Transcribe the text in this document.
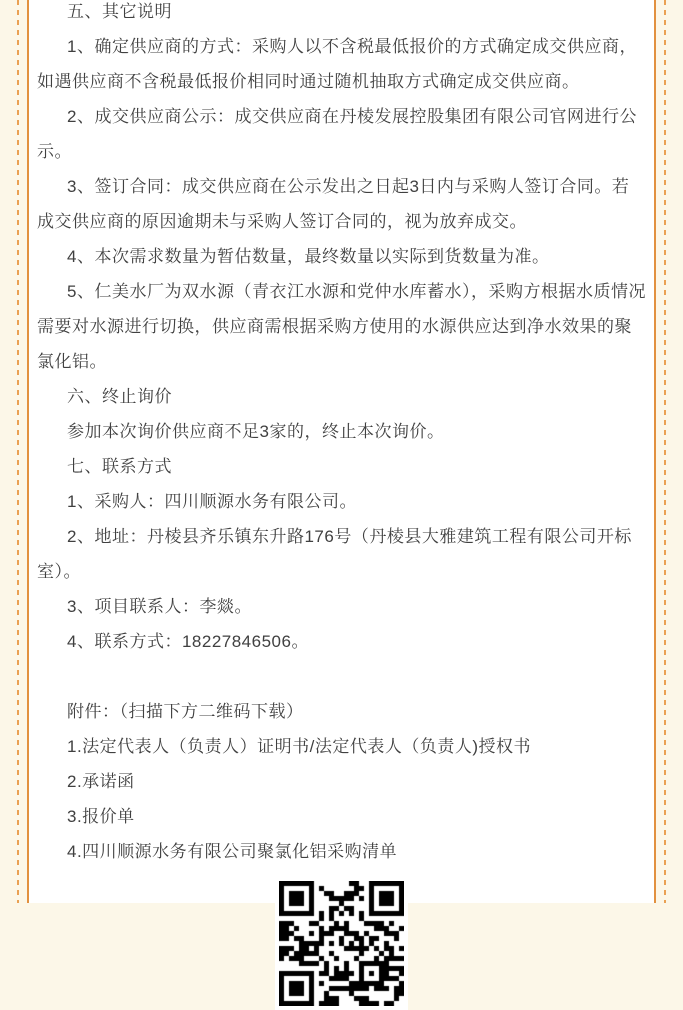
五、其它说明

1、确定供应商的方式：采购人以不含税最低报价的方式确定成交供应商，如遇供应商不含税最低报价相同时通过随机抽取方式确定成交供应商。

2、成交供应商公示：成交供应商在丹棱发展控股集团有限公司官网进行公示。

3、签订合同：成交供应商在公示发出之日起3日内与采购人签订合同。若成交供应商的原因逾期未与采购人签订合同的，视为放弃成交。

4、本次需求数量为暂估数量，最终数量以实际到货数量为准。

5、仁美水厂为双水源（青衣江水源和党仲水库蓄水），采购方根据水质情况需要对水源进行切换，供应商需根据采购方使用的水源供应达到净水效果的聚氯化铝。

六、终止询价

参加本次询价供应商不足3家的，终止本次询价。

七、联系方式

1、采购人：四川顺源水务有限公司。

2、地址：丹棱县齐乐镇东升路176号（丹棱县大雅建筑工程有限公司开标室）。

3、项目联系人：李燚。

4、联系方式：18227846506。

附件：（扫描下方二维码下载）

1.法定代表人（负责人）证明书/法定代表人（负责人)授权书

2.承诺函

3.报价单

4.四川顺源水务有限公司聚氯化铝采购清单
